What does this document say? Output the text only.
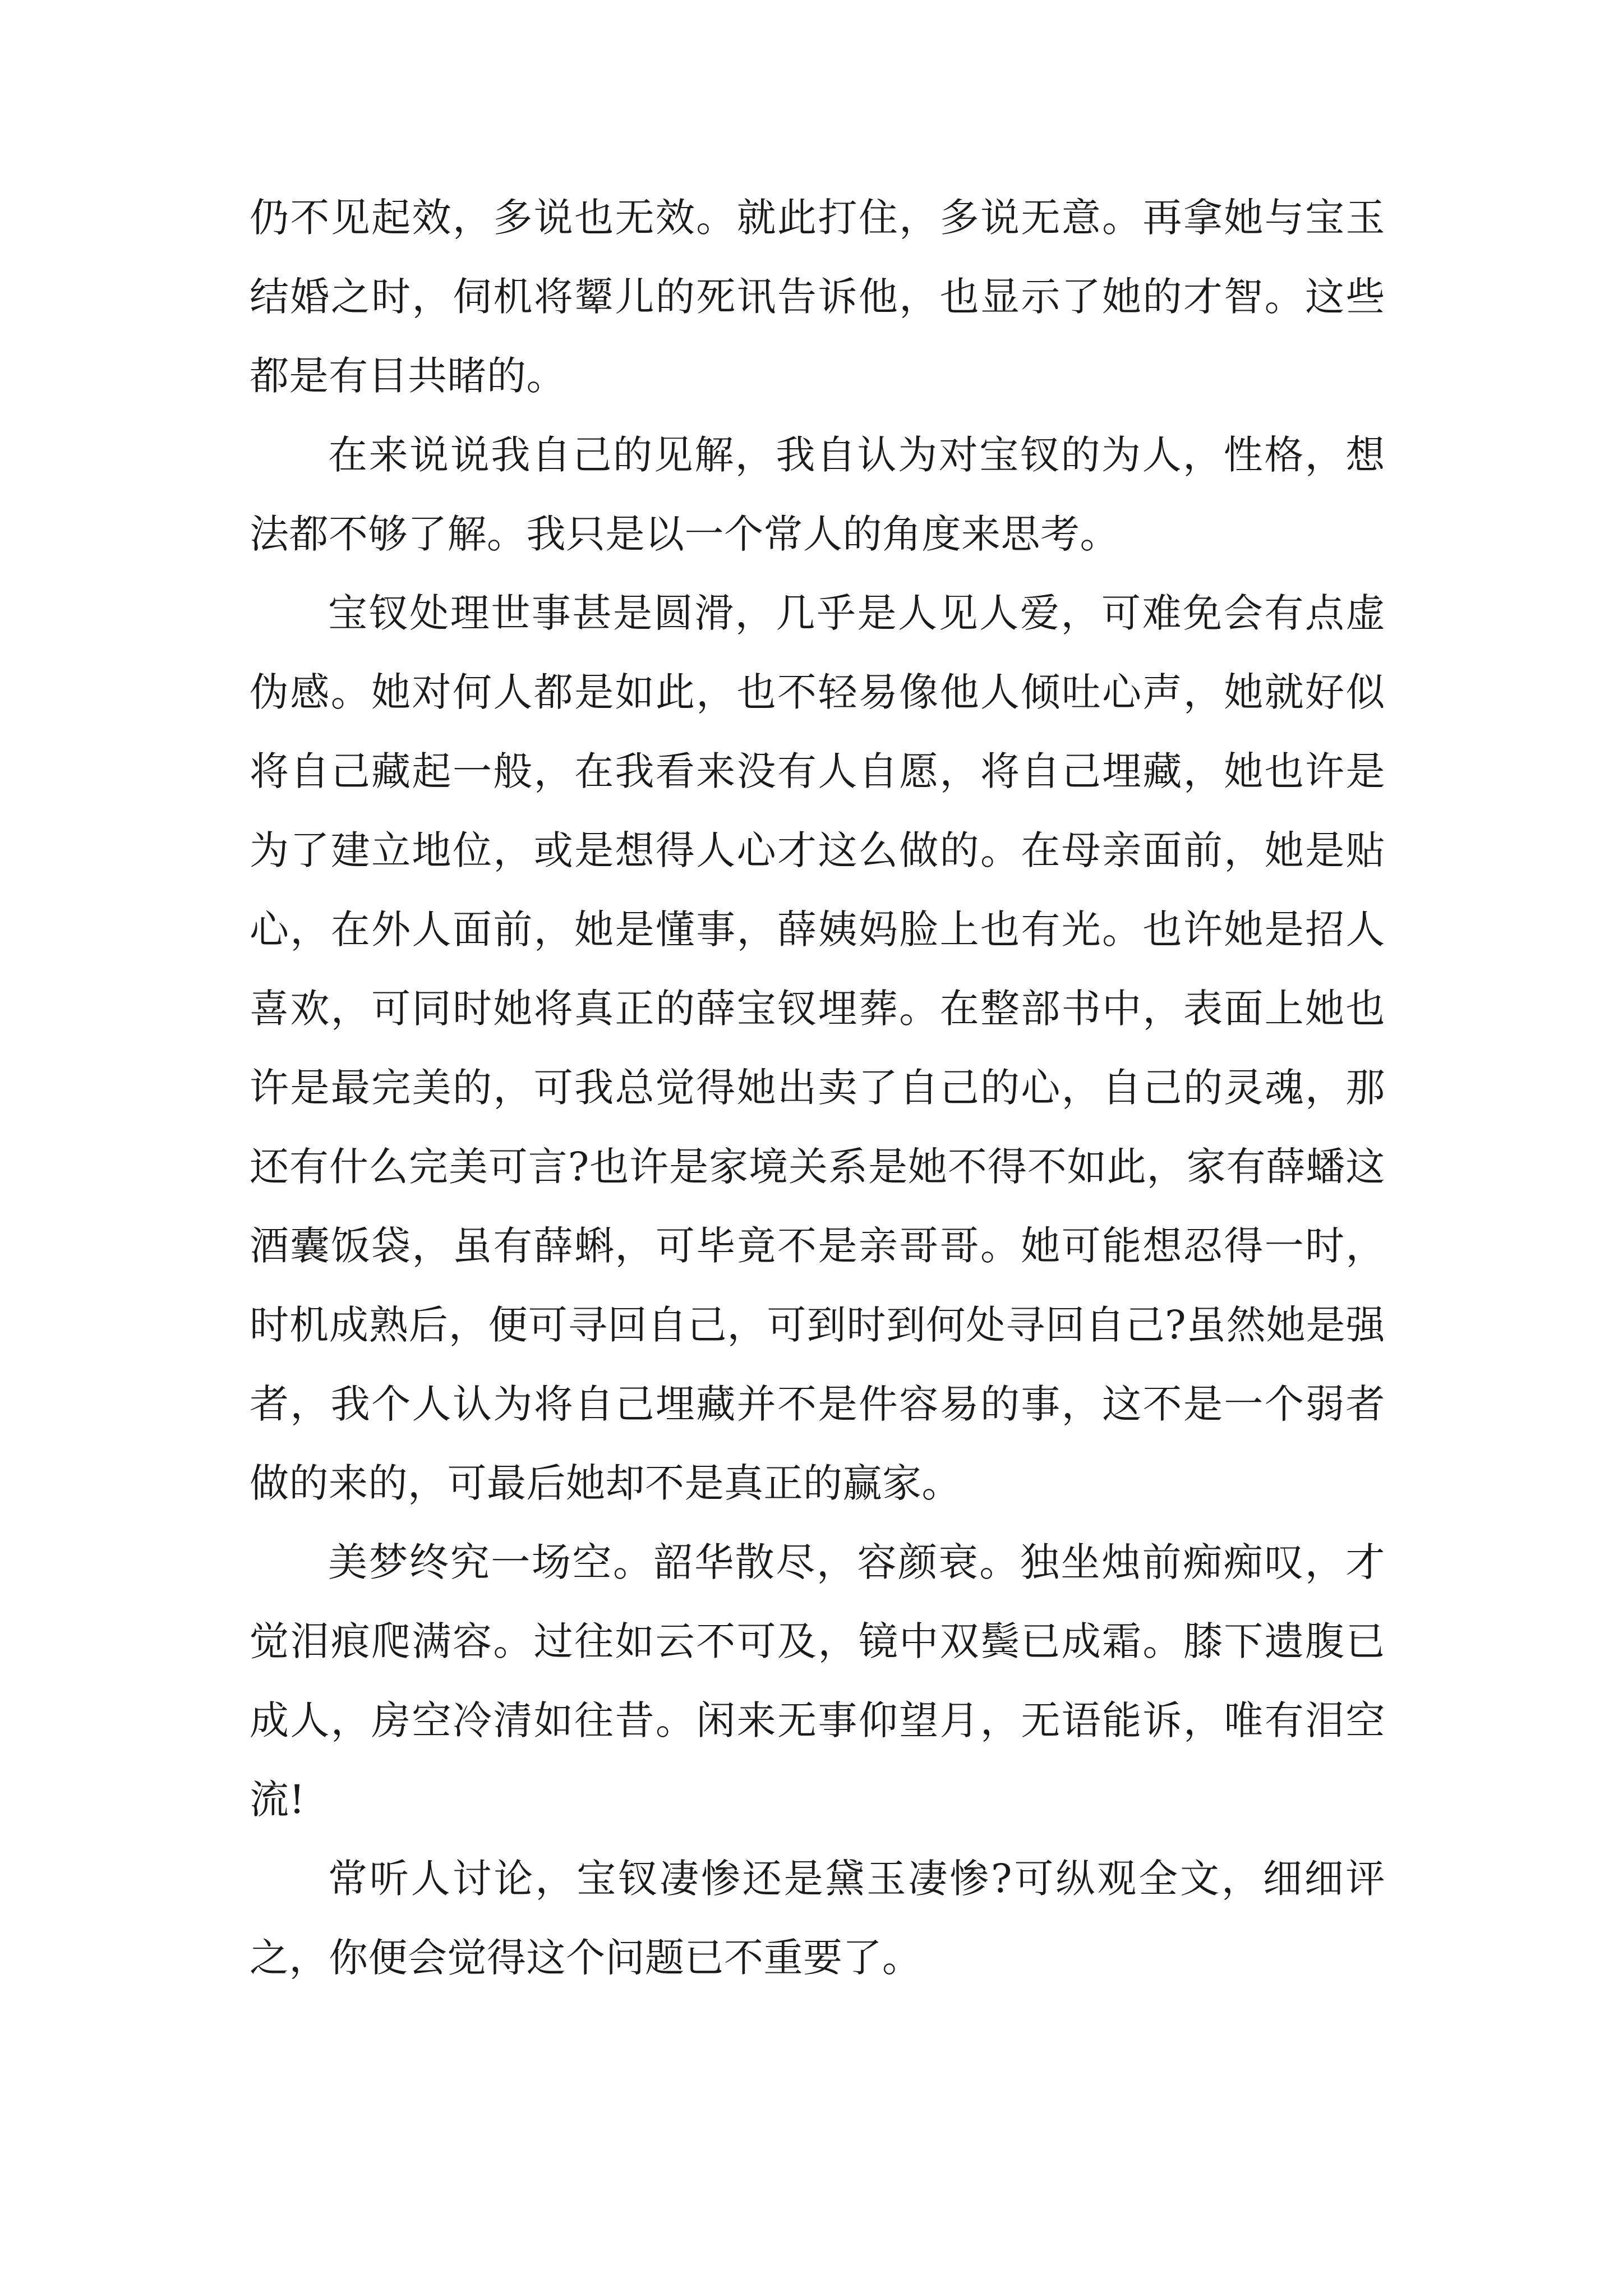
仍不见起效，多说也无效。就此打住，多说无意。再拿她与宝玉结婚之时，伺机将颦儿的死讯告诉他，也显示了她的才智。这些都是有目共睹的。

在来说说我自己的见解，我自认为对宝钗的为人，性格，想法都不够了解。我只是以一个常人的角度来思考。

宝钗处理世事甚是圆滑，几乎是人见人爱，可难免会有点虚伪感。她对何人都是如此，也不轻易像他人倾吐心声，她就好似将自己藏起一般，在我看来没有人自愿，将自己埋藏，她也许是为了建立地位，或是想得人心才这么做的。在母亲面前，她是贴心，在外人面前，她是懂事，薛姨妈脸上也有光。也许她是招人喜欢，可同时她将真正的薛宝钗埋葬。在整部书中，表面上她也许是最完美的，可我总觉得她出卖了自己的心，自己的灵魂，那还有什么完美可言?也许是家境关系是她不得不如此，家有薛蟠这酒囊饭袋，虽有薛蝌，可毕竟不是亲哥哥。她可能想忍得一时，时机成熟后，便可寻回自己，可到时到何处寻回自己?虽然她是强者，我个人认为将自己埋藏并不是件容易的事，这不是一个弱者做的来的，可最后她却不是真正的赢家。

美梦终究一场空。韶华散尽，容颜衰。独坐烛前痴痴叹，才觉泪痕爬满容。过往如云不可及，镜中双鬓已成霜。膝下遗腹已成人，房空冷清如往昔。闲来无事仰望月，无语能诉，唯有泪空流!

常听人讨论，宝钗凄惨还是黛玉凄惨?可纵观全文，细细评之，你便会觉得这个问题已不重要了。
